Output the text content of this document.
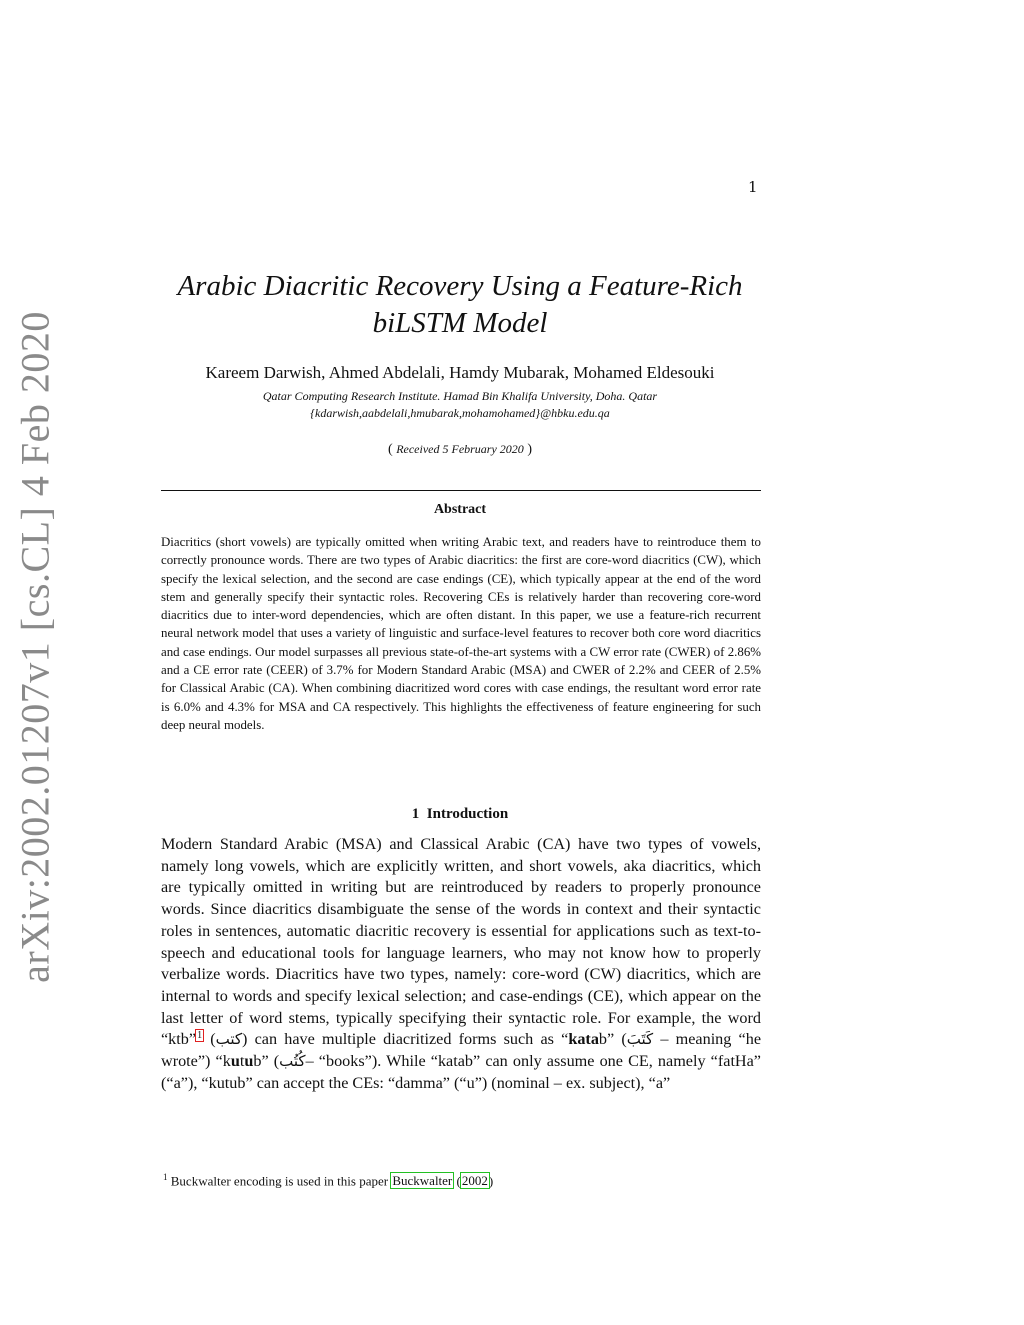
arXiv:2002.01207v1 [cs.CL] 4 Feb 2020
1
Arabic Diacritic Recovery Using a Feature-Rich
biLSTM Model
Kareem Darwish, Ahmed Abdelali, Hamdy Mubarak, Mohamed Eldesouki
Qatar Computing Research Institute. Hamad Bin Khalifa University, Doha. Qatar
{kdarwish,aabdelali,hmubarak,mohamohamed}@hbku.edu.qa
( Received 5 February 2020 )
Abstract
Diacritics (short vowels) are typically omitted when writing Arabic text, and readers have to reintroduce them to correctly pronounce words. There are two types of Arabic diacritics: the first are core-word diacritics (CW), which specify the lexical selection, and the second are case endings (CE), which typically appear at the end of the word stem and generally specify their syntactic roles. Recovering CEs is relatively harder than recovering core-word diacritics due to inter-word dependencies, which are often distant. In this paper, we use a feature-rich recurrent neural network model that uses a variety of linguistic and surface-level features to recover both core word diacritics and case endings. Our model surpasses all previous state-of-the-art systems with a CW error rate (CWER) of 2.86% and a CE error rate (CEER) of 3.7% for Modern Standard Arabic (MSA) and CWER of 2.2% and CEER of 2.5% for Classical Arabic (CA). When combining diacritized word cores with case endings, the resultant word error rate is 6.0% and 4.3% for MSA and CA respectively. This highlights the effectiveness of feature engineering for such deep neural models.
1 Introduction
Modern Standard Arabic (MSA) and Classical Arabic (CA) have two types of vowels, namely long vowels, which are explicitly written, and short vowels, aka diacritics, which are typically omitted in writing but are reintroduced by readers to properly pronounce words. Since diacritics disambiguate the sense of the words in context and their syntactic roles in sentences, automatic diacritic recovery is essential for applications such as text-to-speech and educational tools for language learners, who may not know how to properly verbalize words. Diacritics have two types, namely: core-word (CW) diacritics, which are internal to words and specify lexical selection; and case-endings (CE), which appear on the last letter of word stems, typically specifying their syntactic role. For example, the word “ktb”$^1$ (كتب) can have multiple diacritized forms such as “katab” (كَتَبَ – meaning “he wrote”) “kutub” (كُتُب– “books”). While “katab” can only assume one CE, namely “fatHa” (“a”), “kutub” can accept the CEs: “damma” (“u”) (nominal – ex. subject), “a”
$^1$ Buckwalter encoding is used in this paper Buckwalter (2002)
